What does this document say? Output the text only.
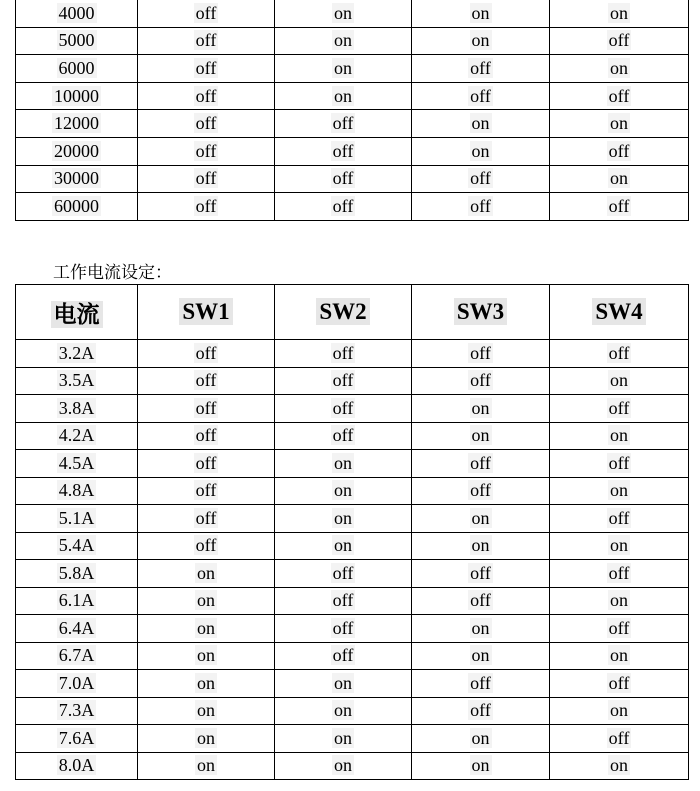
4000	off	on	on	on
5000	off	on	on	off
6000	off	on	off	on
10000	off	on	off	off
12000	off	off	on	on
20000	off	off	on	off
30000	off	off	off	on
60000	off	off	off	off
工作电流设定：
电流	SW1	SW2	SW3	SW4
3.2A	off	off	off	off
3.5A	off	off	off	on
3.8A	off	off	on	off
4.2A	off	off	on	on
4.5A	off	on	off	off
4.8A	off	on	off	on
5.1A	off	on	on	off
5.4A	off	on	on	on
5.8A	on	off	off	off
6.1A	on	off	off	on
6.4A	on	off	on	off
6.7A	on	off	on	on
7.0A	on	on	off	off
7.3A	on	on	off	on
7.6A	on	on	on	off
8.0A	on	on	on	on
